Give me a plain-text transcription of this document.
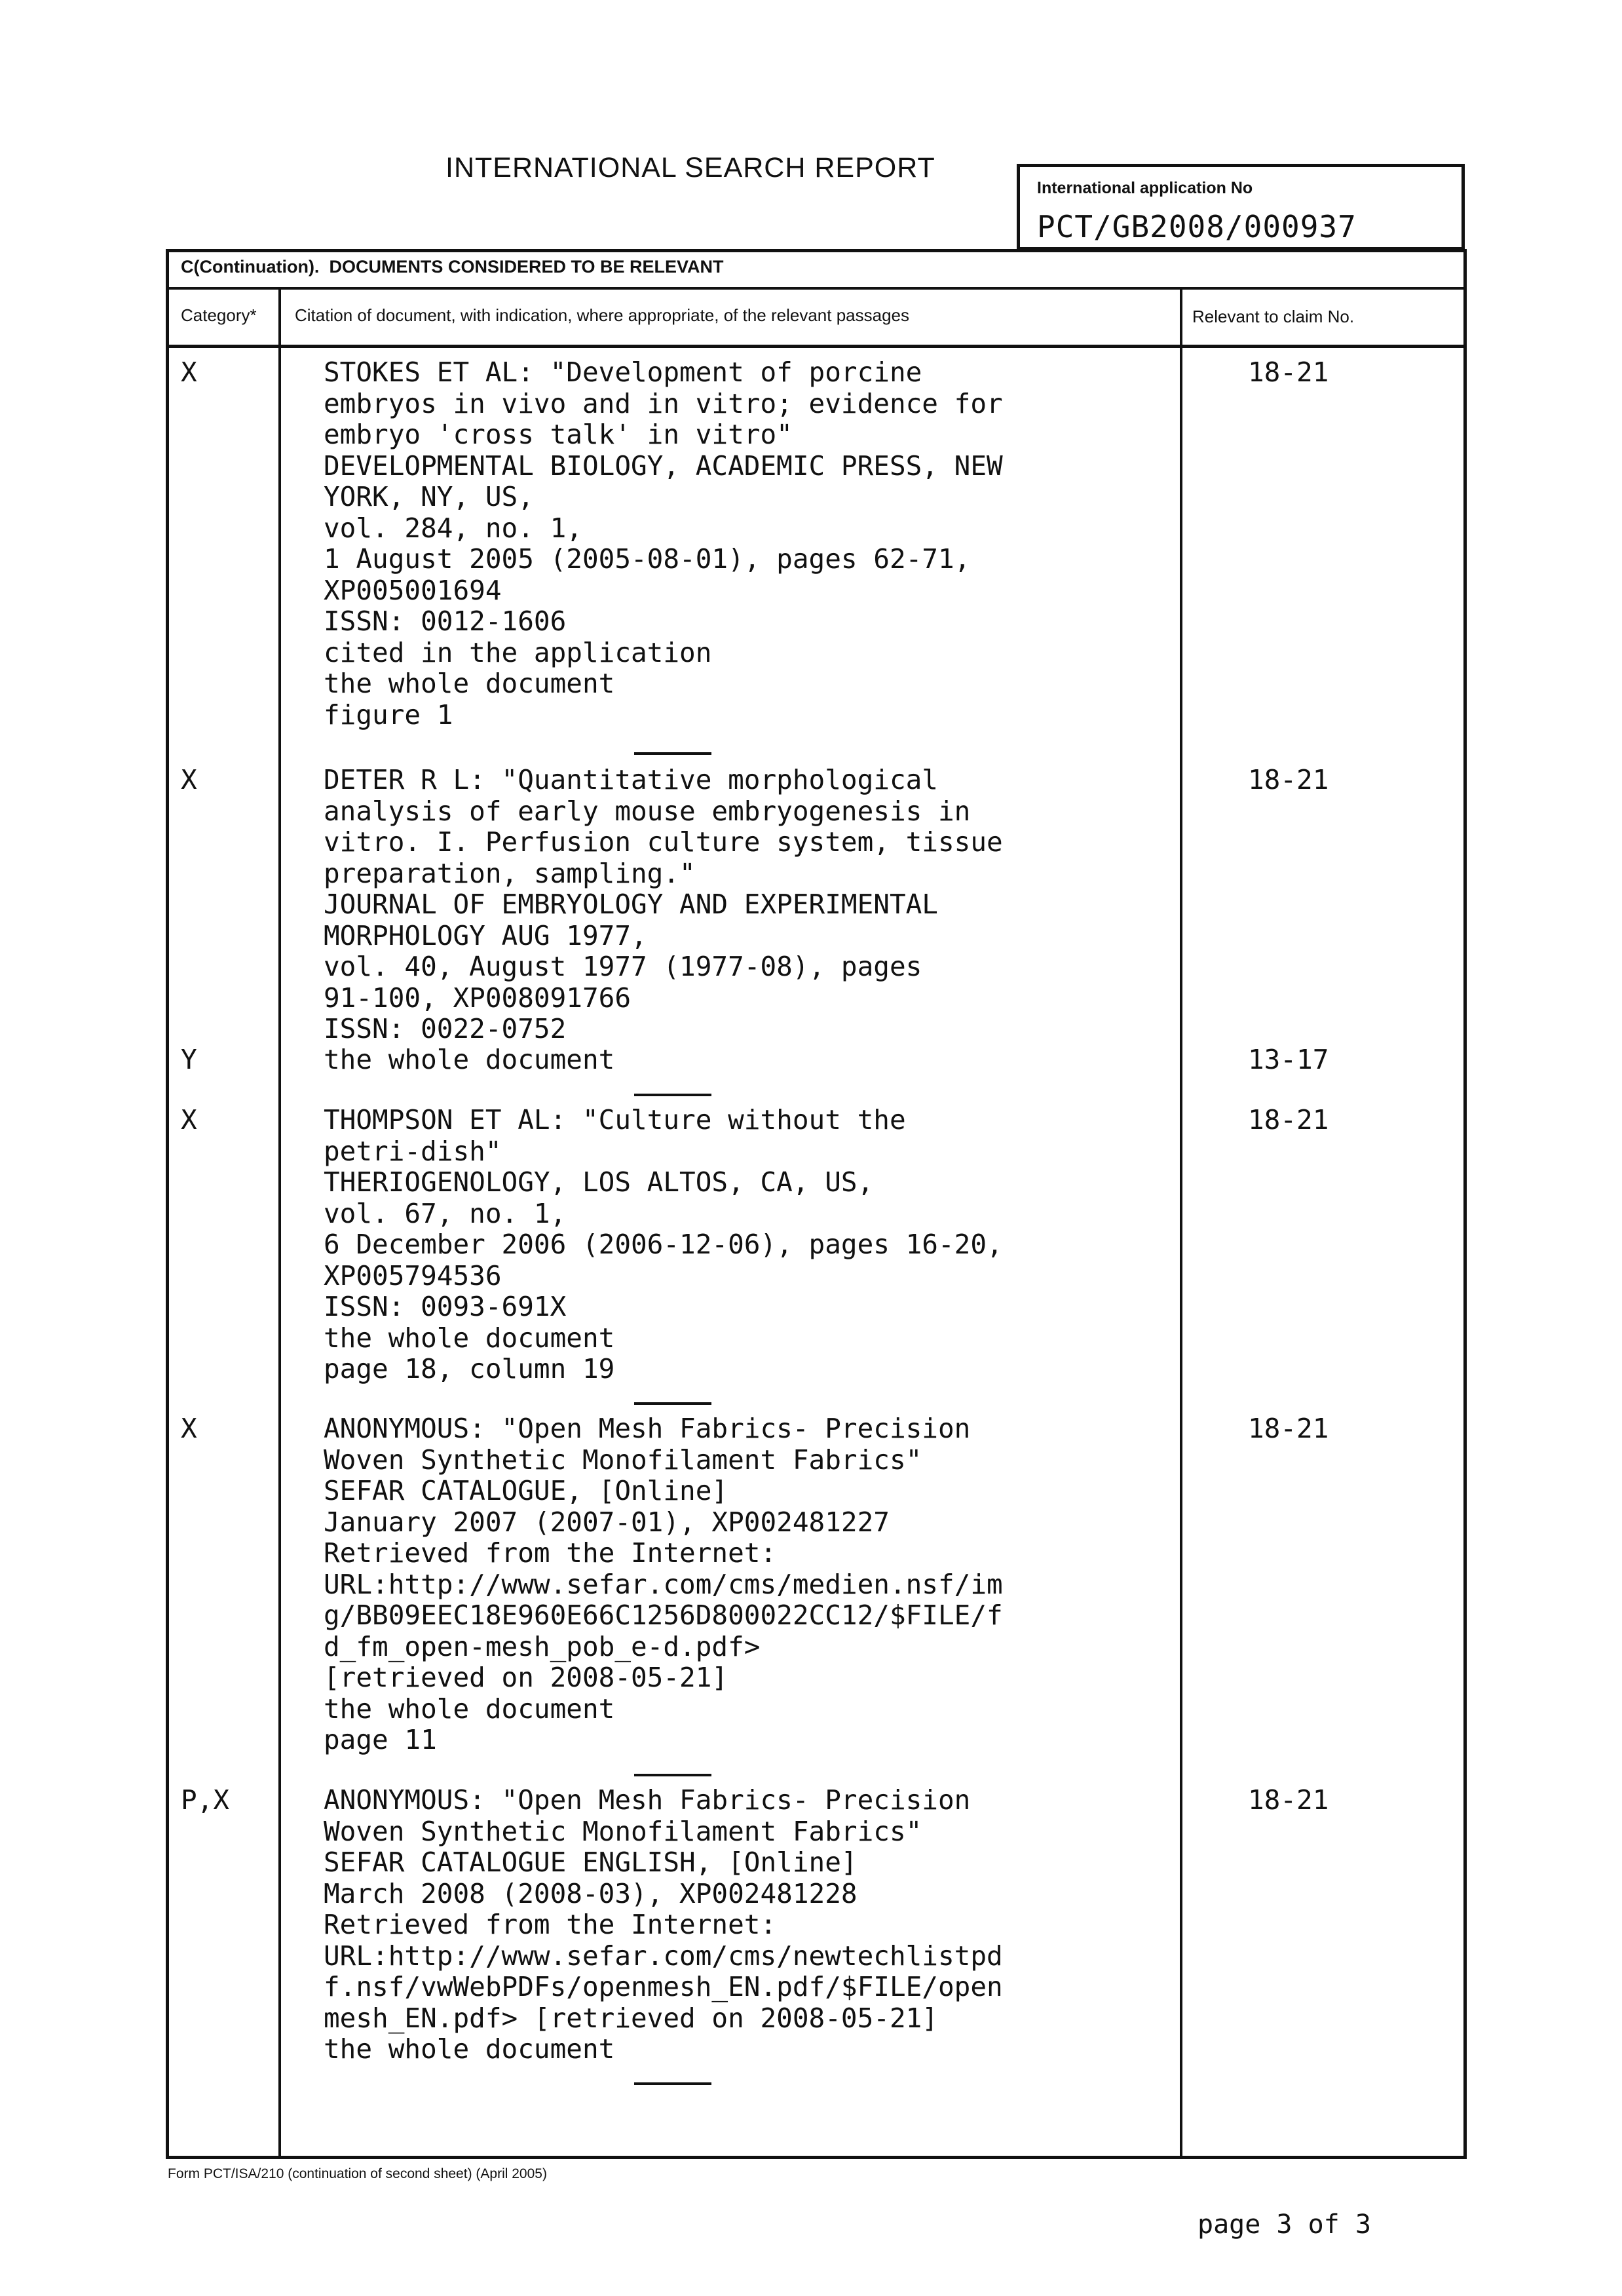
INTERNATIONAL SEARCH REPORT
International application No
PCT/GB2008/000937
C(Continuation).  DOCUMENTS CONSIDERED TO BE RELEVANT
Category* Citation of document, with indication, where appropriate, of the relevant passages	Relevant to claim No.
X	STOKES ET AL: "Development of porcine
embryos in vivo and in vitro; evidence for
embryo 'cross talk' in vitro"
DEVELOPMENTAL BIOLOGY, ACADEMIC PRESS, NEW
YORK, NY, US,
vol. 284, no. 1,
1 August 2005 (2005-08-01), pages 62-71,
XP005001694
ISSN: 0012-1606
cited in the application
the whole document
figure 1
18-21
X	DETER R L: "Quantitative morphological
analysis of early mouse embryogenesis in
vitro. I. Perfusion culture system, tissue
preparation, sampling."
JOURNAL OF EMBRYOLOGY AND EXPERIMENTAL
MORPHOLOGY AUG 1977,
vol. 40, August 1977 (1977-08), pages
91-100, XP008091766
ISSN: 0022-0752
18-21
Y	the whole document	13-17
X	THOMPSON ET AL: "Culture without the
petri-dish"
THERIOGENOLOGY, LOS ALTOS, CA, US,
vol. 67, no. 1,
6 December 2006 (2006-12-06), pages 16-20,
XP005794536
ISSN: 0093-691X
the whole document
page 18, column 19
18-21
X	ANONYMOUS: "Open Mesh Fabrics- Precision
Woven Synthetic Monofilament Fabrics"
SEFAR CATALOGUE, [Online]
January 2007 (2007-01), XP002481227
Retrieved from the Internet:
URL:http://www.sefar.com/cms/medien.nsf/im
g/BB09EEC18E960E66C1256D800022CC12/$FILE/f
d_fm_open-mesh_pob_e-d.pdf>
[retrieved on 2008-05-21]
the whole document
page 11
18-21
P,X	ANONYMOUS: "Open Mesh Fabrics- Precision
Woven Synthetic Monofilament Fabrics"
SEFAR CATALOGUE ENGLISH, [Online]
March 2008 (2008-03), XP002481228
Retrieved from the Internet:
URL:http://www.sefar.com/cms/newtechlistpd
f.nsf/vwWebPDFs/openmesh_EN.pdf/$FILE/open
mesh_EN.pdf> [retrieved on 2008-05-21]
the whole document
18-21
Form PCT/ISA/210 (continuation of second sheet) (April 2005)
page 3 of 3
